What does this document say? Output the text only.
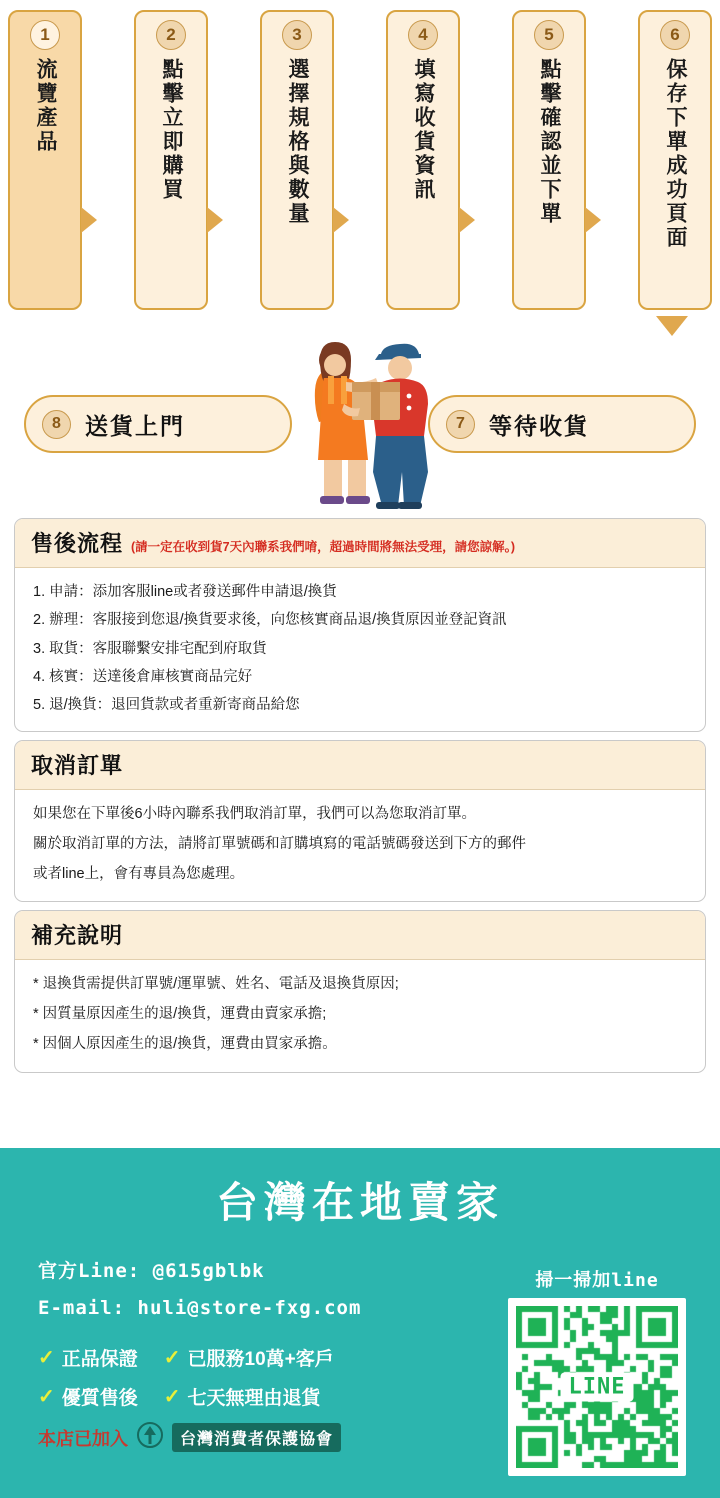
1
流覽產品
2
點擊立即購買
3
選擇規格與數量
4
填寫收貨資訊
5
點擊確認並下單
6
保存下單成功頁面
8	送貨上門	7	等待收貨
售後流程 (請一定在收到貨7天內聯系我們唷，超過時間將無法受理，請您諒解。)
1. 申請：添加客服line或者發送郵件申請退/換貨
2. 辦理：客服接到您退/換貨要求後，向您核實商品退/換貨原因並登記資訊
3. 取貨：客服聯繫安排宅配到府取貨
4. 核實：送達後倉庫核實商品完好
5. 退/換貨：退回貨款或者重新寄商品給您
取消訂單
如果您在下單後6小時內聯系我們取消訂單，我們可以為您取消訂單。
關於取消訂單的方法，請將訂單號碼和訂購填寫的電話號碼發送到下方的郵件
或者line上，會有專員為您處理。
補充說明
* 退換貨需提供訂單號/運單號、姓名、電話及退換貨原因;
* 因質量原因產生的退/換貨，運費由賣家承擔;
* 因個人原因產生的退/換貨，運費由買家承擔。
台灣在地賣家
官方Line: @615gblbk
E-mail: huli@store-fxg.com
✓ 正品保證 ✓ 已服務10萬+客戶
✓ 優質售後 ✓ 七天無理由退貨
本店已加入	台灣消費者保護協會
掃一掃加line
LINE
